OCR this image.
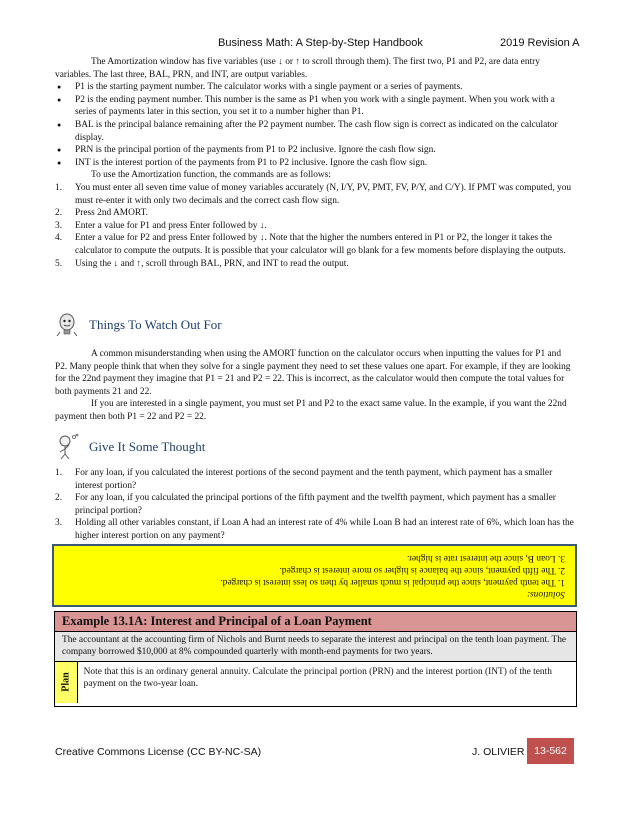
Business Math: A Step-by-Step Handbook	2019 Revision A

The Amortization window has five variables (use ↓ or ↑ to scroll through them). The first two, P1 and P2, are data entry variables. The last three, BAL, PRN, and INT, are output variables.

● P1 is the starting payment number. The calculator works with a single payment or a series of payments.
● P2 is the ending payment number. This number is the same as P1 when you work with a single payment. When you work with a series of payments later in this section, you set it to a number higher than P1.
● BAL is the principal balance remaining after the P2 payment number. The cash flow sign is correct as indicated on the calculator display.
● PRN is the principal portion of the payments from P1 to P2 inclusive. Ignore the cash flow sign.
● INT is the interest portion of the payments from P1 to P2 inclusive. Ignore the cash flow sign.

To use the Amortization function, the commands are as follows:

1. You must enter all seven time value of money variables accurately (N, I/Y, PV, PMT, FV, P/Y, and C/Y). If PMT was computed, you must re-enter it with only two decimals and the correct cash flow sign.
2. Press 2nd AMORT.
3. Enter a value for P1 and press Enter followed by ↓.
4. Enter a value for P2 and press Enter followed by ↓. Note that the higher the numbers entered in P1 or P2, the longer it takes the calculator to compute the outputs. It is possible that your calculator will go blank for a few moments before displaying the outputs.
5. Using the ↓ and ↑, scroll through BAL, PRN, and INT to read the output.
Things To Watch Out For

A common misunderstanding when using the AMORT function on the calculator occurs when inputting the values for P1 and P2. Many people think that when they solve for a single payment they need to set these values one apart. For example, if they are looking for the 22nd payment they imagine that P1 = 21 and P2 = 22. This is incorrect, as the calculator would then compute the total values for both payments 21 and 22.

If you are interested in a single payment, you must set P1 and P2 to the exact same value. In the example, if you want the 22nd payment then both P1 = 22 and P2 = 22.

Give It Some Thought
1. For any loan, if you calculated the interest portions of the second payment and the tenth payment, which payment has a smaller interest portion?
2. For any loan, if you calculated the principal portions of the fifth payment and the twelfth payment, which payment has a smaller principal portion?
3. Holding all other variables constant, if Loan A had an interest rate of 4% while Loan B had an interest rate of 6%, which loan has the higher interest portion on any payment?
Solutions:
1. The tenth payment, since the principal is much smaller by then so less interest is charged.
2. The fifth payment, since the balance is higher so more interest is charged.
3. Loan B, since the interest rate is higher.
Example 13.1A: Interest and Principal of a Loan Payment
The accountant at the accounting firm of Nichols and Burnt needs to separate the interest and principal on the tenth loan payment. The company borrowed $10,000 at 8% compounded quarterly with month-end payments for two years.
Plan
Note that this is an ordinary general annuity. Calculate the principal portion (PRN) and the interest portion (INT) of the tenth payment on the two-year loan.
Creative Commons License (CC BY-NC-SA)	J. OLIVIER 13-562
